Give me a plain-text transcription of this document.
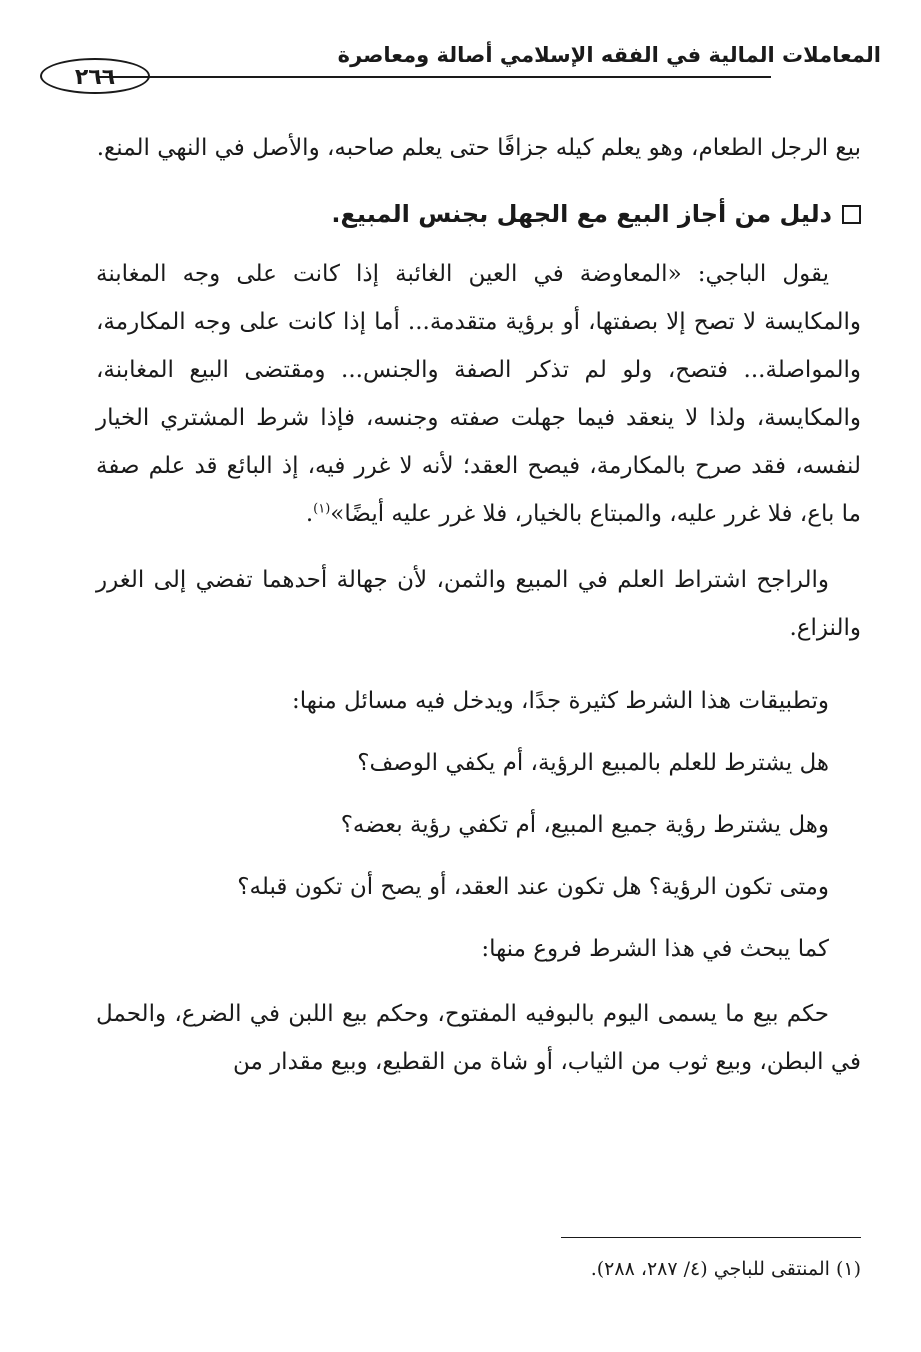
المعاملات المالية في الفقه الإسلامي أصالة ومعاصرة
٢٦٦

بيع الرجل الطعام، وهو يعلم كيله جزافًا حتى يعلم صاحبه، والأصل في النهي المنع.

دليل من أجاز البيع مع الجهل بجنس المبيع.

يقول الباجي: «المعاوضة في العين الغائبة إذا كانت على وجه المغابنة والمكايسة لا تصح إلا بصفتها، أو برؤية متقدمة... أما إذا كانت على وجه المكارمة، والمواصلة... فتصح، ولو لم تذكر الصفة والجنس... ومقتضى البيع المغابنة، والمكايسة، ولذا لا ينعقد فيما جهلت صفته وجنسه، فإذا شرط المشتري الخيار لنفسه، فقد صرح بالمكارمة، فيصح العقد؛ لأنه لا غرر فيه، إذ البائع قد علم صفة ما باع، فلا غرر عليه، والمبتاع بالخيار، فلا غرر عليه أيضًا»$^{(١)}$.

والراجح اشتراط العلم في المبيع والثمن، لأن جهالة أحدهما تفضي إلى الغرر والنزاع.

وتطبيقات هذا الشرط كثيرة جدًا، ويدخل فيه مسائل منها:
هل يشترط للعلم بالمبيع الرؤية، أم يكفي الوصف؟
وهل يشترط رؤية جميع المبيع، أم تكفي رؤية بعضه؟
ومتى تكون الرؤية؟ هل تكون عند العقد، أو يصح أن تكون قبله؟
كما يبحث في هذا الشرط فروع منها:

حكم بيع ما يسمى اليوم بالبوفيه المفتوح، وحكم بيع اللبن في الضرع، والحمل في البطن، وبيع ثوب من الثياب، أو شاة من القطيع، وبيع مقدار من

(١) المنتقى للباجي (٤/ ٢٨٧، ٢٨٨).
